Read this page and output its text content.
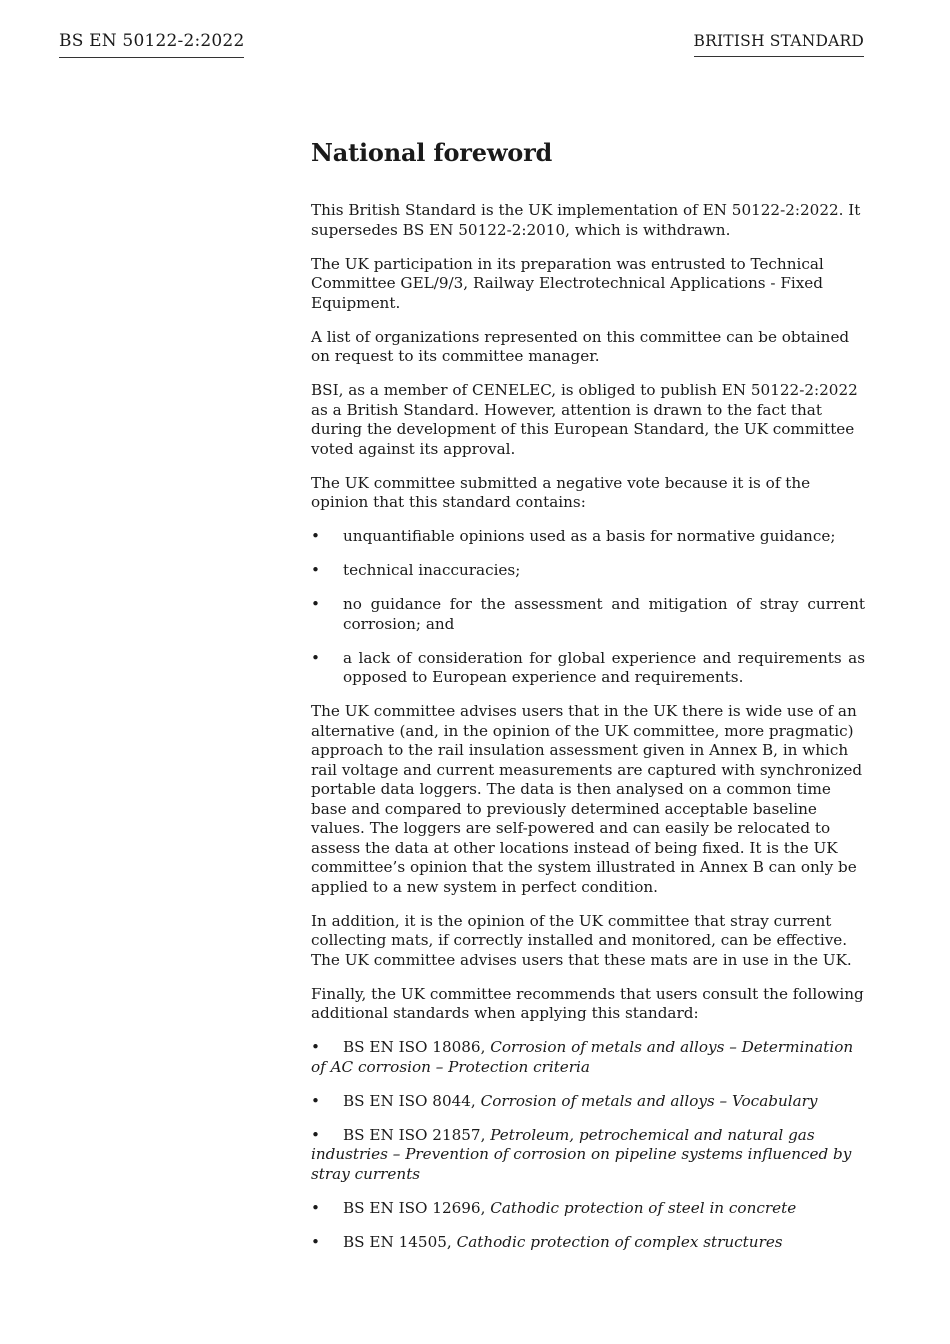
BS EN 50122-2:2022	BRITISH STANDARD
National foreword

This British Standard is the UK implementation of EN 50122-2:2022. It supersedes BS EN 50122-2:2010, which is withdrawn.

The UK participation in its preparation was entrusted to Technical Committee GEL/9/3, Railway Electrotechnical Applications - Fixed Equipment.

A list of organizations represented on this committee can be obtained on request to its committee manager.

BSI, as a member of CENELEC, is obliged to publish EN 50122-2:2022 as a British Standard. However, attention is drawn to the fact that during the development of this European Standard, the UK committee voted against its approval.

The UK committee submitted a negative vote because it is of the opinion that this standard contains:

• unquantifiable opinions used as a basis for normative guidance;
• technical inaccuracies;
• no guidance for the assessment and mitigation of stray current corrosion; and
• a lack of consideration for global experience and requirements as opposed to European experience and requirements.

The UK committee advises users that in the UK there is wide use of an alternative (and, in the opinion of the UK committee, more pragmatic) approach to the rail insulation assessment given in Annex B, in which rail voltage and current measurements are captured with synchronized portable data loggers. The data is then analysed on a common time base and compared to previously determined acceptable baseline values. The loggers are self-powered and can easily be relocated to assess the data at other locations instead of being fixed. It is the UK committee’s opinion that the system illustrated in Annex B can only be applied to a new system in perfect condition.

In addition, it is the opinion of the UK committee that stray current collecting mats, if correctly installed and monitored, can be effective. The UK committee advises users that these mats are in use in the UK.

Finally, the UK committee recommends that users consult the following additional standards when applying this standard:

• BS EN ISO 18086, Corrosion of metals and alloys – Determination of AC corrosion – Protection criteria
• BS EN ISO 8044, Corrosion of metals and alloys – Vocabulary
• BS EN ISO 21857, Petroleum, petrochemical and natural gas industries – Prevention of corrosion on pipeline systems influenced by stray currents
• BS EN ISO 12696, Cathodic protection of steel in concrete
• BS EN 14505, Cathodic protection of complex structures
